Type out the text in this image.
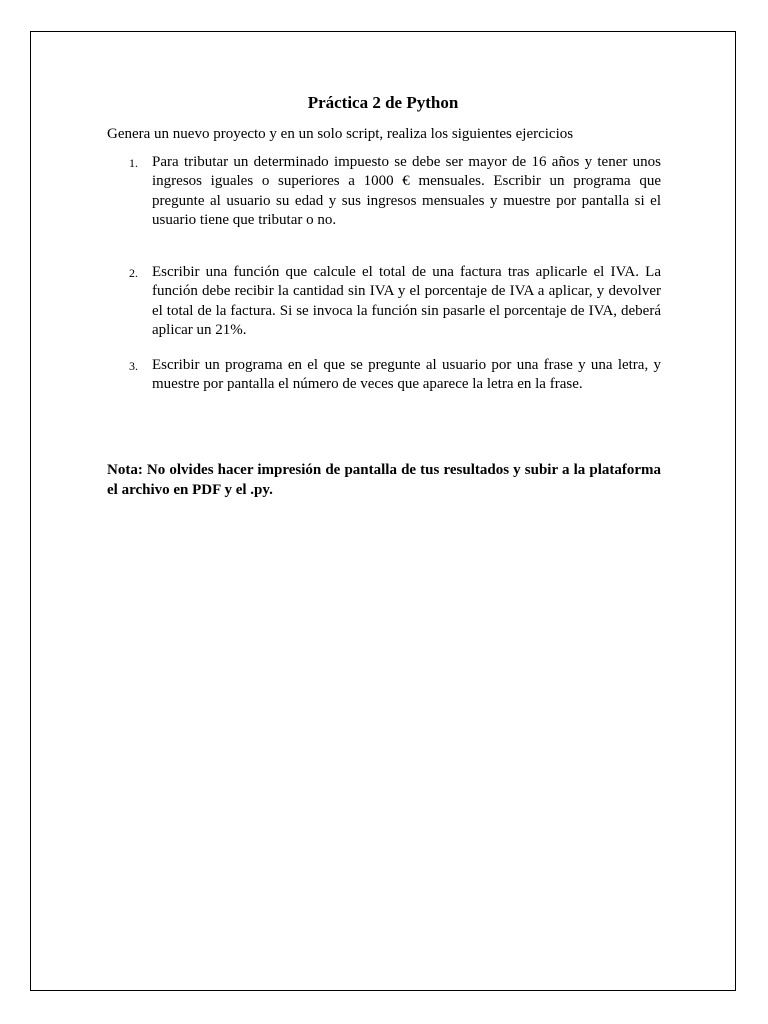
Práctica 2 de Python

Genera un nuevo proyecto y en un solo script, realiza los siguientes ejercicios

1. Para tributar un determinado impuesto se debe ser mayor de 16 años y tener unos ingresos iguales o superiores a 1000 € mensuales. Escribir un programa que pregunte al usuario su edad y sus ingresos mensuales y muestre por pantalla si el usuario tiene que tributar o no.
2. Escribir una función que calcule el total de una factura tras aplicarle el IVA. La función debe recibir la cantidad sin IVA y el porcentaje de IVA a aplicar, y devolver el total de la factura. Si se invoca la función sin pasarle el porcentaje de IVA, deberá aplicar un 21%.
3. Escribir un programa en el que se pregunte al usuario por una frase y una letra, y muestre por pantalla el número de veces que aparece la letra en la frase.

Nota: No olvides hacer impresión de pantalla de tus resultados y subir a la plataforma el archivo en PDF y el .py.
